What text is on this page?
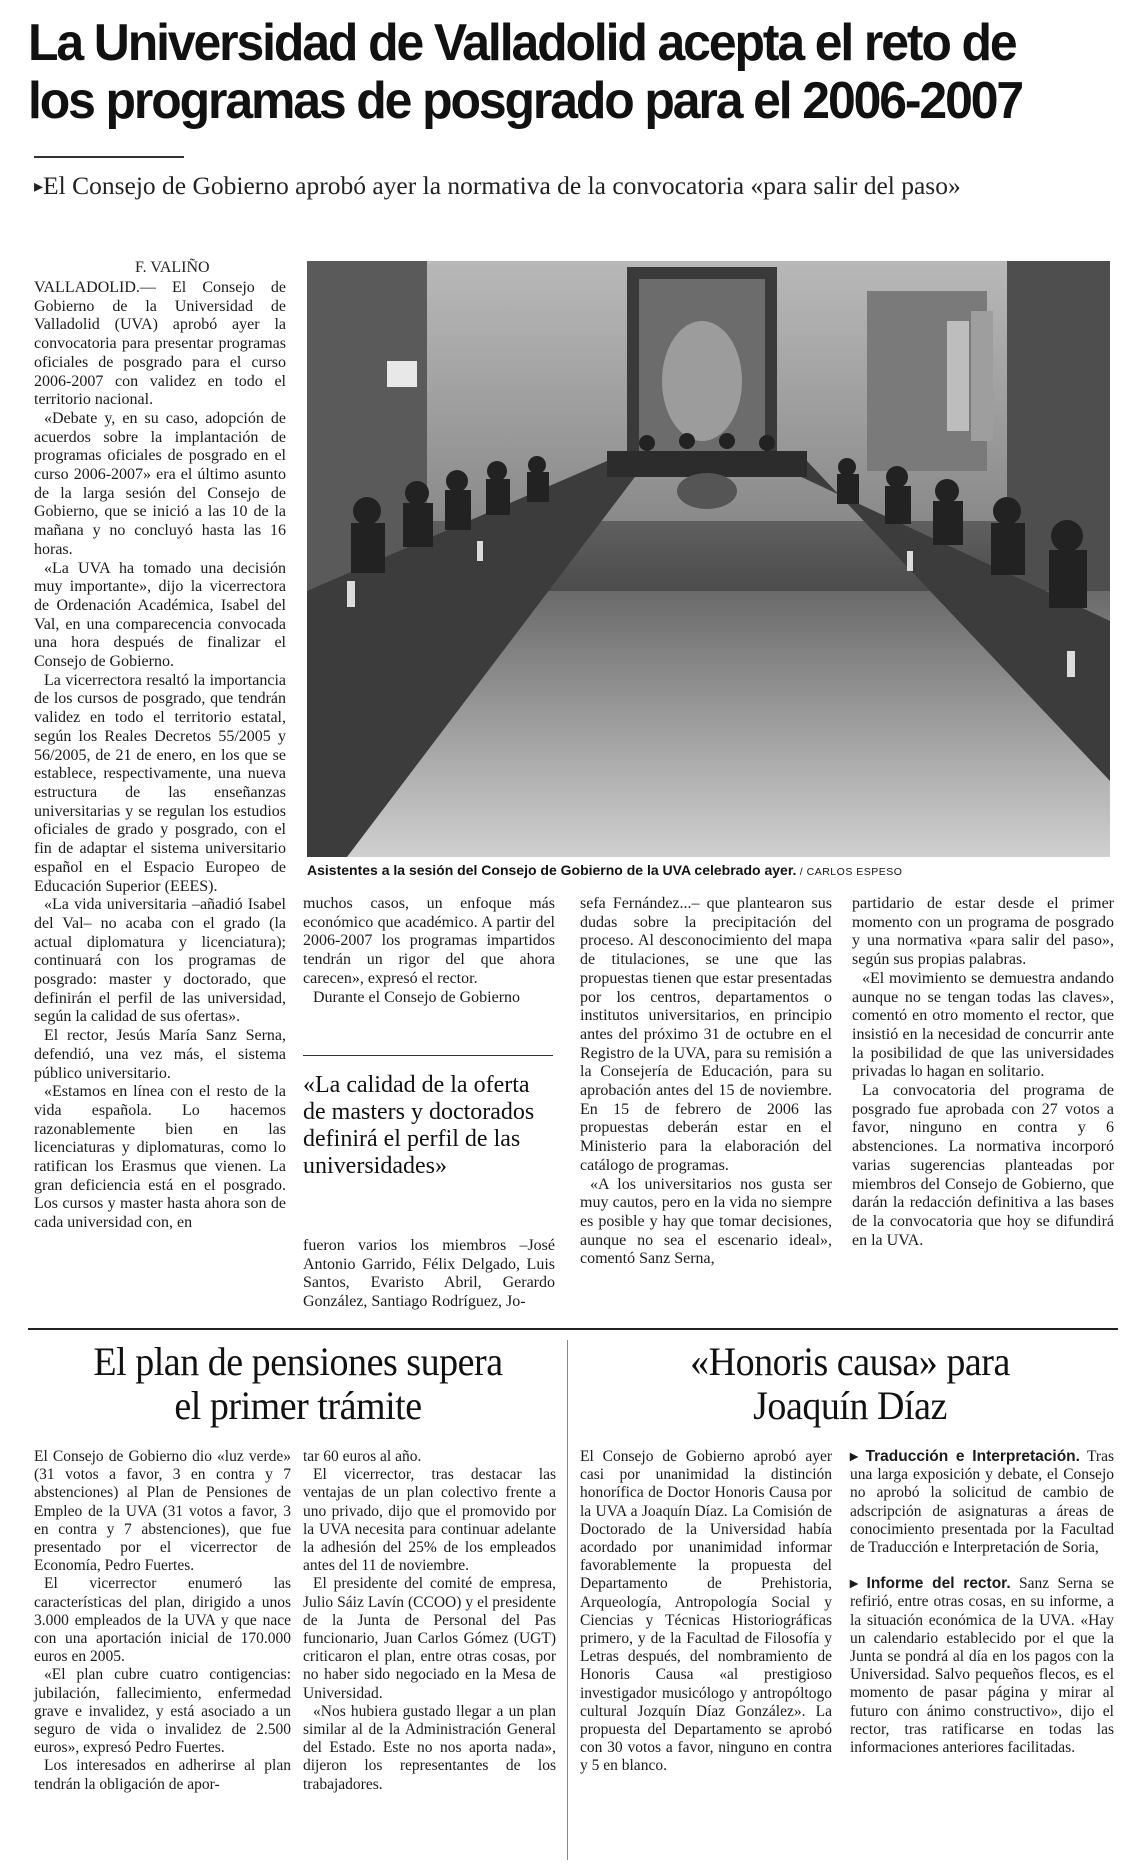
La Universidad de Valladolid acepta el reto de
los programas de posgrado para el 2006-2007
▸El Consejo de Gobierno aprobó ayer la normativa de la convocatoria «para salir del paso»
F. VALIÑO

VALLADOLID.— El Consejo de Gobierno de la Universidad de Valladolid (UVA) aprobó ayer la convocatoria para presentar programas oficiales de posgrado para el curso 2006-2007 con validez en todo el territorio nacional.

«Debate y, en su caso, adopción de acuerdos sobre la implantación de programas oficiales de posgrado en el curso 2006-2007» era el último asunto de la larga sesión del Consejo de Gobierno, que se inició a las 10 de la mañana y no concluyó hasta las 16 horas.

«La UVA ha tomado una decisión muy importante», dijo la vicerrectora de Ordenación Académica, Isabel del Val, en una comparecencia convocada una hora después de finalizar el Consejo de Gobierno.

La vicerrectora resaltó la importancia de los cursos de posgrado, que tendrán validez en todo el territorio estatal, según los Reales Decretos 55/2005 y 56/2005, de 21 de enero, en los que se establece, respectivamente, una nueva estructura de las enseñanzas universitarias y se regulan los estudios oficiales de grado y posgrado, con el fin de adaptar el sistema universitario español en el Espacio Europeo de Educación Superior (EEES).

«La vida universitaria –añadió Isabel del Val– no acaba con el grado (la actual diplomatura y licenciatura); continuará con los programas de posgrado: master y doctorado, que definirán el perfil de las universidad, según la calidad de sus ofertas».

El rector, Jesús María Sanz Serna, defendió, una vez más, el sistema público universitario.

«Estamos en línea con el resto de la vida española. Lo hacemos razonablemente bien en las licenciaturas y diplomaturas, como lo ratifican los Erasmus que vienen. La gran deficiencia está en el posgrado. Los cursos y master hasta ahora son de cada universidad con, en

Asistentes a la sesión del Consejo de Gobierno de la UVA celebrado ayer. / CARLOS ESPESO

muchos casos, un enfoque más económico que académico. A partir del 2006-2007 los programas impartidos tendrán un rigor del que ahora carecen», expresó el rector.

Durante el Consejo de Gobierno

«La calidad de la oferta de masters y doctorados definirá el perfil de las universidades»

fueron varios los miembros –José Antonio Garrido, Félix Delgado, Luis Santos, Evaristo Abril, Gerardo González, Santiago Rodríguez, Jo-

sefa Fernández...– que plantearon sus dudas sobre la precipitación del proceso. Al desconocimiento del mapa de titulaciones, se une que las propuestas tienen que estar presentadas por los centros, departamentos o institutos universitarios, en principio antes del próximo 31 de octubre en el Registro de la UVA, para su remisión a la Consejería de Educación, para su aprobación antes del 15 de noviembre. En 15 de febrero de 2006 las propuestas deberán estar en el Ministerio para la elaboración del catálogo de programas.

«A los universitarios nos gusta ser muy cautos, pero en la vida no siempre es posible y hay que tomar decisiones, aunque no sea el escenario ideal», comentó Sanz Serna,

partidario de estar desde el primer momento con un programa de posgrado y una normativa «para salir del paso», según sus propias palabras.

«El movimiento se demuestra andando aunque no se tengan todas las claves», comentó en otro momento el rector, que insistió en la necesidad de concurrir ante la posibilidad de que las universidades privadas lo hagan en solitario.

La convocatoria del programa de posgrado fue aprobada con 27 votos a favor, ninguno en contra y 6 abstenciones. La normativa incorporó varias sugerencias planteadas por miembros del Consejo de Gobierno, que darán la redacción definitiva a las bases de la convocatoria que hoy se difundirá en la UVA.

El plan de pensiones supera
el primer trámite

El Consejo de Gobierno dio «luz verde» (31 votos a favor, 3 en contra y 7 abstenciones) al Plan de Pensiones de Empleo de la UVA (31 votos a favor, 3 en contra y 7 abstenciones), que fue presentado por el vicerrector de Economía, Pedro Fuertes.

El vicerrector enumeró las características del plan, dirigido a unos 3.000 empleados de la UVA y que nace con una aportación inicial de 170.000 euros en 2005.

«El plan cubre cuatro contigencias: jubilación, fallecimiento, enfermedad grave e invalidez, y está asociado a un seguro de vida o invalidez de 2.500 euros», expresó Pedro Fuertes.

Los interesados en adherirse al plan tendrán la obligación de apor-

tar 60 euros al año.

El vicerrector, tras destacar las ventajas de un plan colectivo frente a uno privado, dijo que el promovido por la UVA necesita para continuar adelante la adhesión del 25% de los empleados antes del 11 de noviembre.

El presidente del comité de empresa, Julio Sáiz Lavín (CCOO) y el presidente de la Junta de Personal del Pas funcionario, Juan Carlos Gómez (UGT) criticaron el plan, entre otras cosas, por no haber sido negociado en la Mesa de Universidad.

«Nos hubiera gustado llegar a un plan similar al de la Administración General del Estado. Este no nos aporta nada», dijeron los representantes de los trabajadores.

«Honoris causa» para
Joaquín Díaz

El Consejo de Gobierno aprobó ayer casi por unanimidad la distinción honorífica de Doctor Honoris Causa por la UVA a Joaquín Díaz. La Comisión de Doctorado de la Universidad había acordado por unanimidad informar favorablemente la propuesta del Departamento de Prehistoria, Arqueología, Antropología Social y Ciencias y Técnicas Historiográficas primero, y de la Facultad de Filosofía y Letras después, del nombramiento de Honoris Causa «al prestigioso investigador musicólogo y antropóltogo cultural Jozquín Díaz González». La propuesta del Departamento se aprobó con 30 votos a favor, ninguno en contra y 5 en blanco.

▸ Traducción e Interpretación. Tras una larga exposición y debate, el Consejo no aprobó la solicitud de cambio de adscripción de asignaturas a áreas de conocimiento presentada por la Facultad de Traducción e Interpretación de Soria,

▸ Informe del rector. Sanz Serna se refirió, entre otras cosas, en su informe, a la situación económica de la UVA. «Hay un calendario establecido por el que la Junta se pondrá al día en los pagos con la Universidad. Salvo pequeños flecos, es el momento de pasar página y mirar al futuro con ánimo constructivo», dijo el rector, tras ratificarse en todas las informaciones anteriores facilitadas.
